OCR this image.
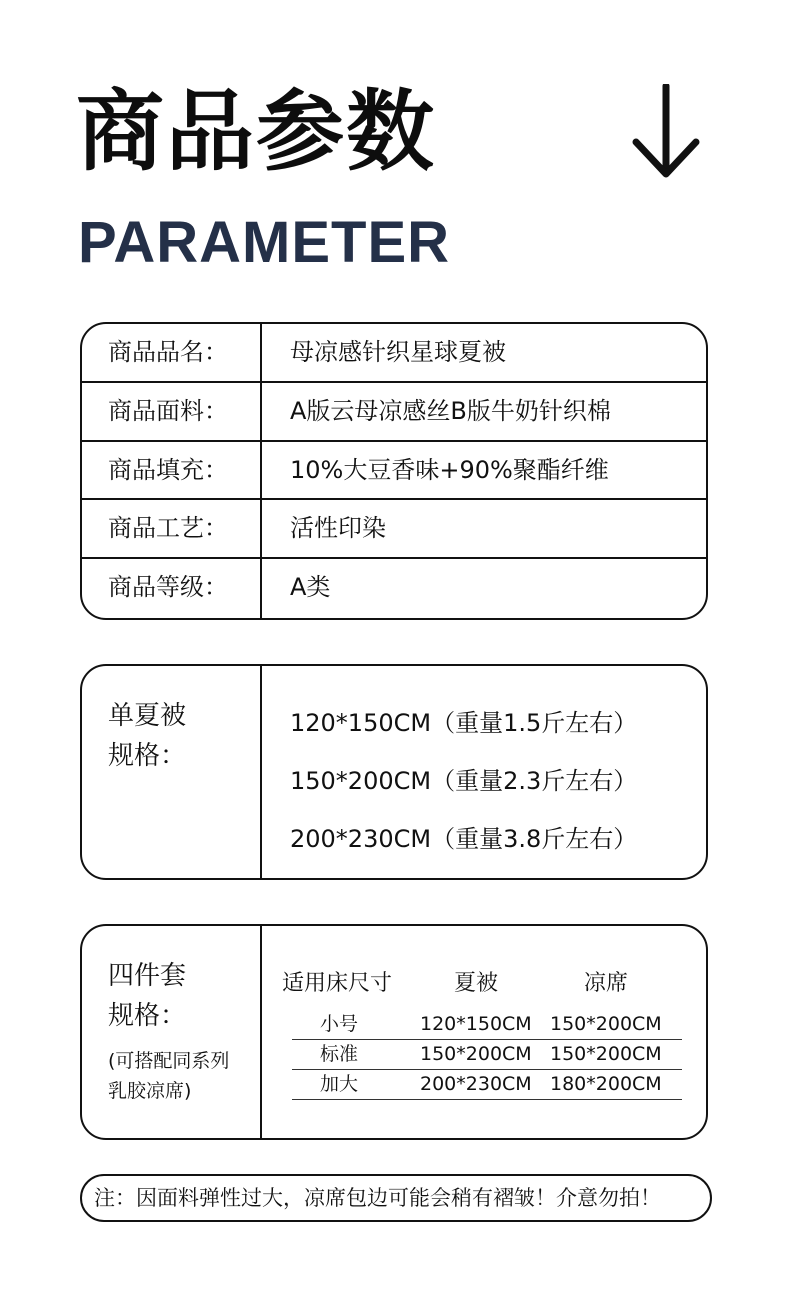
商品参数
PARAMETER
商品品名：	母凉感针织星球夏被
商品面料：	A版云母凉感丝B版牛奶针织棉
商品填充：	10%大豆香味+90%聚酯纤维
商品工艺：	活性印染
商品等级：	A类
单夏被
规格：
120*150CM（重量1.5斤左右）
150*200CM（重量2.3斤左右）
200*230CM（重量3.8斤左右）
四件套
规格：
(可搭配同系列
乳胶凉席)
适用床尺寸	夏被	凉席
小号	120*150CM 150*200CM
标准	150*200CM 150*200CM
加大	200*230CM 180*200CM
注：因面料弹性过大，凉席包边可能会稍有褶皱！介意勿拍！
